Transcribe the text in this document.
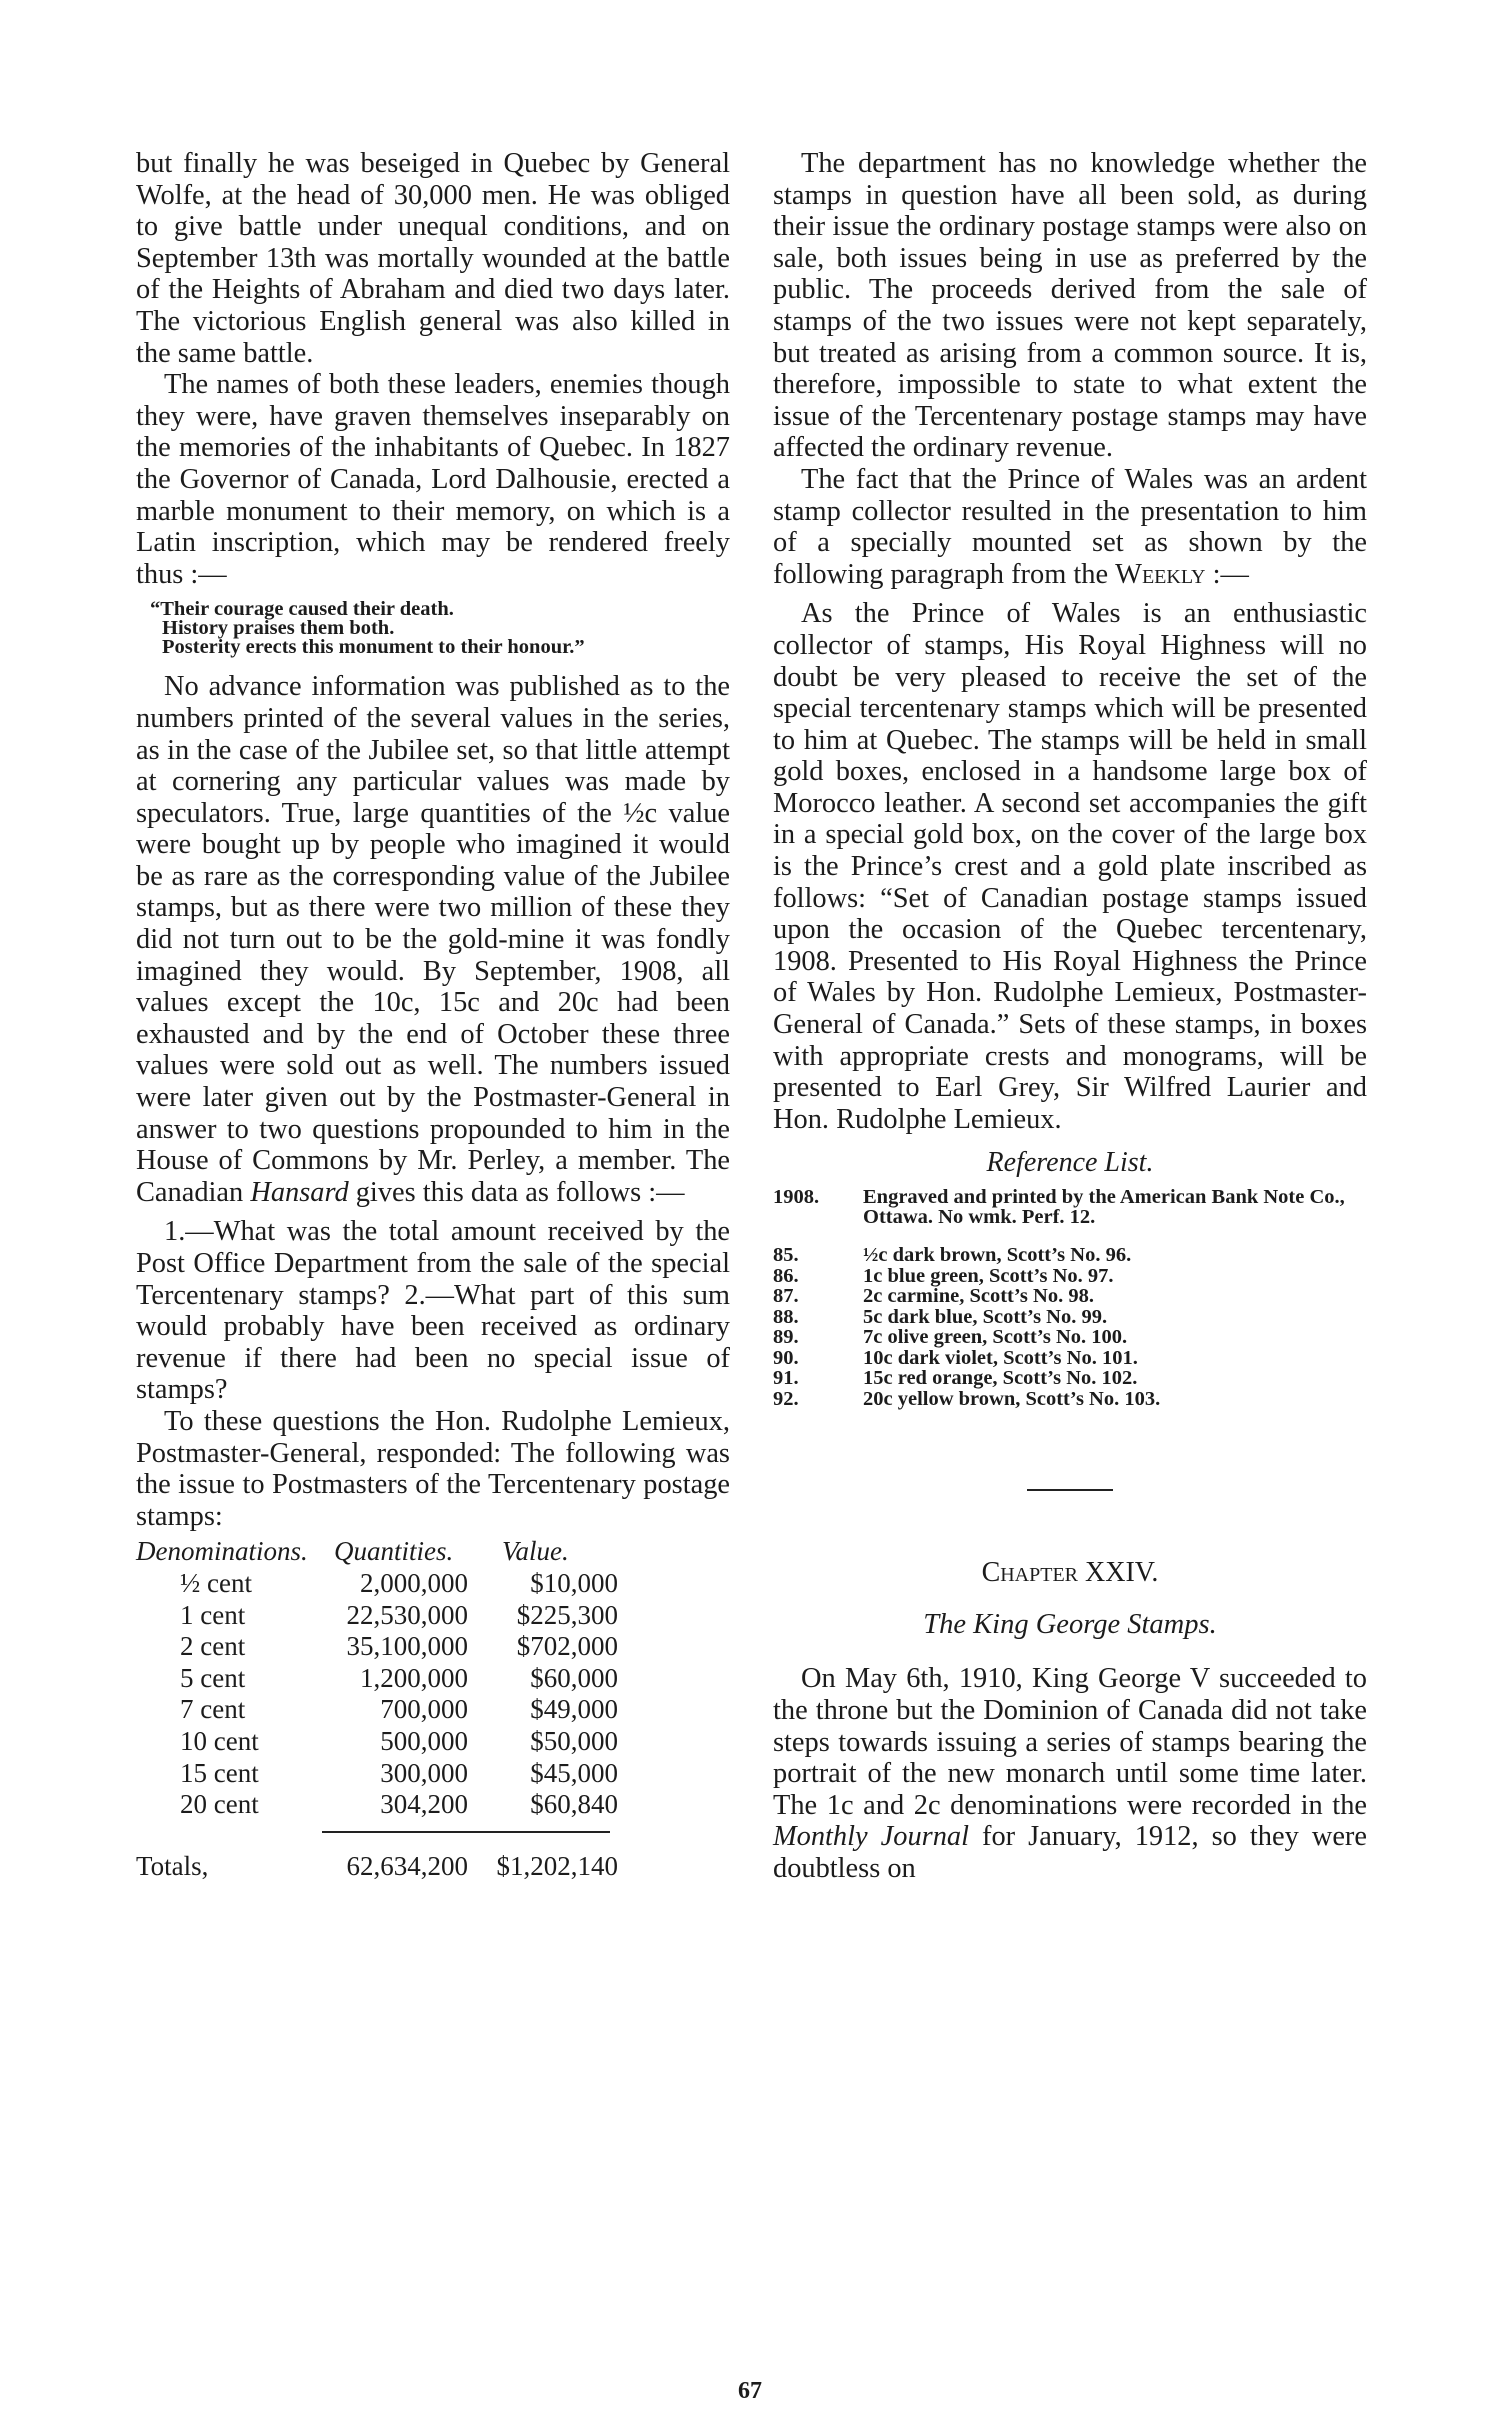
but finally he was beseiged in Quebec by General Wolfe, at the head of 30,000 men. He was obliged to give battle under unequal conditions, and on September 13th was mortally wounded at the battle of the Heights of Abraham and died two days later. The victorious English general was also killed in the same battle.

The names of both these leaders, enemies though they were, have graven themselves inseparably on the memories of the inhabitants of Quebec. In 1827 the Governor of Canada, Lord Dalhousie, erected a marble monument to their memory, on which is a Latin inscription, which may be rendered freely thus :—

“Their courage caused their death.
History praises them both.
Posterity erects this monument to their honour.”

No advance information was published as to the numbers printed of the several values in the series, as in the case of the Jubilee set, so that little attempt at cornering any particular values was made by speculators. True, large quantities of the ½c value were bought up by people who imagined it would be as rare as the corresponding value of the Jubilee stamps, but as there were two million of these they did not turn out to be the gold-mine it was fondly imagined they would. By September, 1908, all values except the 10c, 15c and 20c had been exhausted and by the end of October these three values were sold out as well. The numbers issued were later given out by the Postmaster-General in answer to two questions propounded to him in the House of Commons by Mr. Perley, a member. The Canadian Hansard gives this data as follows :—

1.—What was the total amount received by the Post Office Department from the sale of the special Tercentenary stamps? 2.—What part of this sum would probably have been received as ordinary revenue if there had been no special issue of stamps?

To these questions the Hon. Rudolphe Lemieux, Postmaster-General, responded: The following was the issue to Postmasters of the Tercentenary postage stamps:

Denominations. Quantities.	Value.
½ cent	2,000,000	$10,000
1 cent	22,530,000	$225,300
2 cent	35,100,000	$702,000
5 cent	1,200,000	$60,000
7 cent	700,000	$49,000
10 cent	500,000	$50,000
15 cent	300,000	$45,000
20 cent	304,200	$60,840
Totals,	62,634,200	$1,202,140

The department has no knowledge whether the stamps in question have all been sold, as during their issue the ordinary postage stamps were also on sale, both issues being in use as preferred by the public. The proceeds derived from the sale of stamps of the two issues were not kept separately, but treated as arising from a common source. It is, therefore, impossible to state to what extent the issue of the Tercentenary postage stamps may have affected the ordinary revenue.

The fact that the Prince of Wales was an ardent stamp collector resulted in the presentation to him of a specially mounted set as shown by the following paragraph from the Weekly :—

As the Prince of Wales is an enthusiastic collector of stamps, His Royal Highness will no doubt be very pleased to receive the set of the special tercentenary stamps which will be presented to him at Quebec. The stamps will be held in small gold boxes, enclosed in a handsome large box of Morocco leather. A second set accompanies the gift in a special gold box, on the cover of the large box is the Prince’s crest and a gold plate inscribed as follows: “Set of Canadian postage stamps issued upon the occasion of the Quebec tercentenary, 1908. Presented to His Royal Highness the Prince of Wales by Hon. Rudolphe Lemieux, Postmaster-General of Canada.” Sets of these stamps, in boxes with appropriate crests and monograms, will be presented to Earl Grey, Sir Wilfred Laurier and Hon. Rudolphe Lemieux.

Reference List.
1908.	Engraved and printed by the American Bank Note Co., Ottawa. No wmk. Perf. 12.
85.	½c dark brown, Scott’s No. 96.
86.	1c blue green, Scott’s No. 97.
87.	2c carmine, Scott’s No. 98.
88.	5c dark blue, Scott’s No. 99.
89.	7c olive green, Scott’s No. 100.
90.	10c dark violet, Scott’s No. 101.
91.	15c red orange, Scott’s No. 102.
92.	20c yellow brown, Scott’s No. 103.
Chapter XXIV.
The King George Stamps.

On May 6th, 1910, King George V succeeded to the throne but the Dominion of Canada did not take steps towards issuing a series of stamps bearing the portrait of the new monarch until some time later. The 1c and 2c denominations were recorded in the Monthly Journal for January, 1912, so they were doubtless on

67
